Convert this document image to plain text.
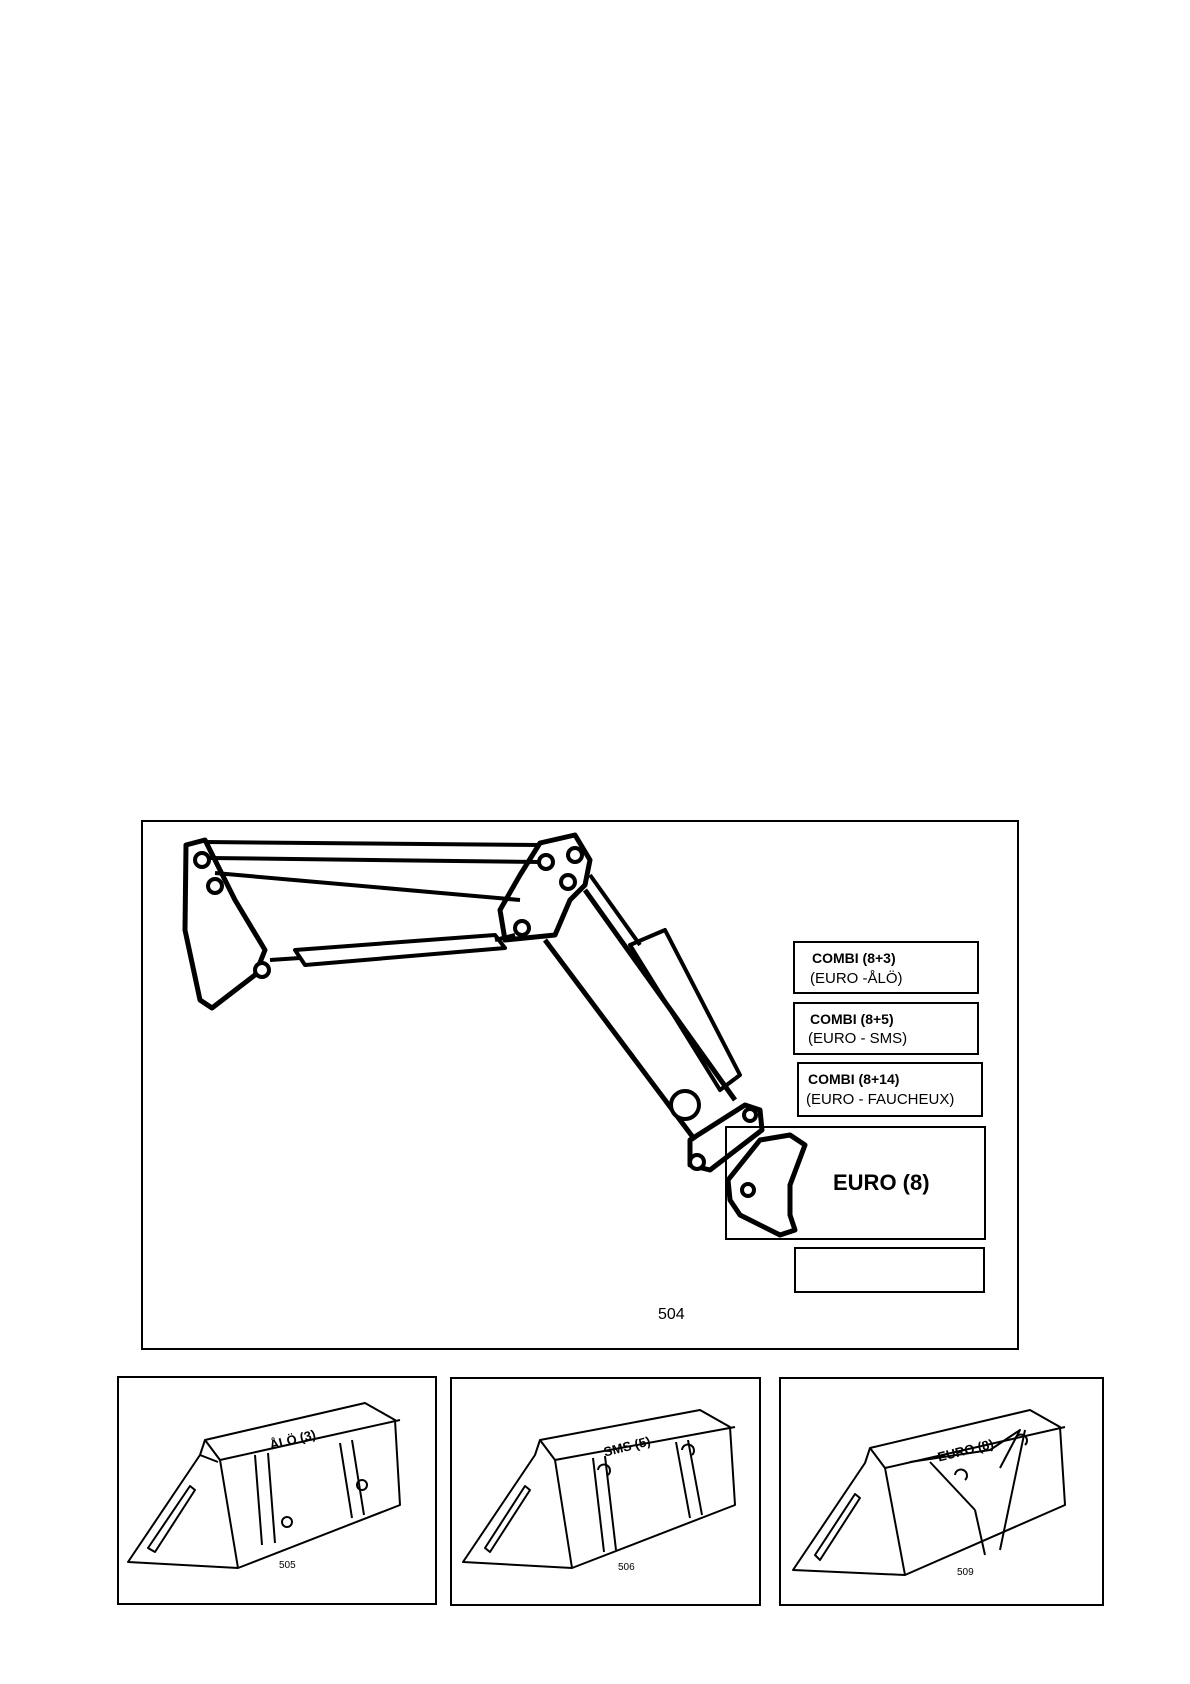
COMBI (8+3)
(EURO -ÅLÖ)
COMBI (8+5)
(EURO - SMS)
COMBI (8+14)
(EURO - FAUCHEUX)
EURO (8)
504
ÅLÖ (3)	SMS (5)	EURO (8)
505	506	509
